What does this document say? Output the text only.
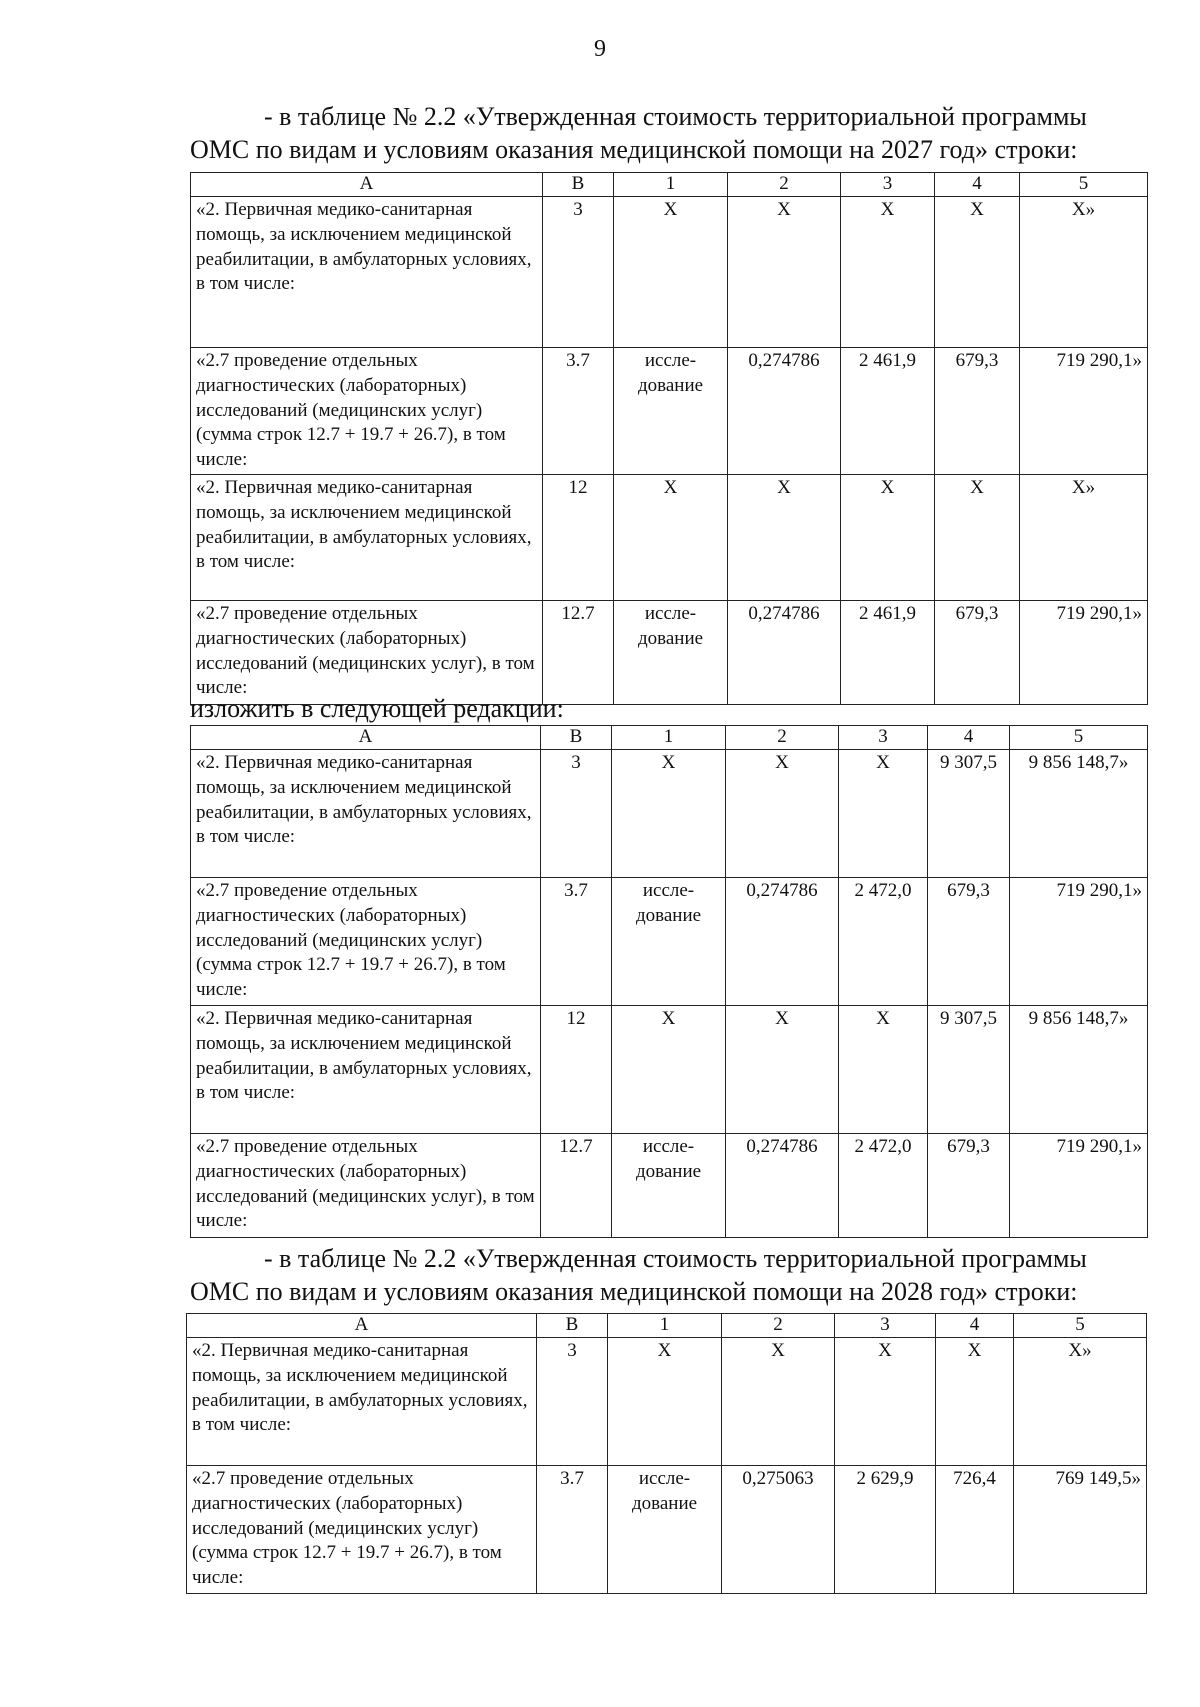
9
- в таблице № 2.2 «Утвержденная стоимость территориальной программы
ОМС по видам и условиям оказания медицинской помощи на 2027 год» строки:
А	В	1	2	3	4	5
«2. Первичная медико-санитарная помощь, за исключением медицинской реабилитации, в амбулаторных условиях, в том числе:	3	Х	Х	Х	Х	Х»
«2.7 проведение отдельных диагностических (лабораторных) исследований (медицинских услуг) (сумма строк 12.7 + 19.7 + 26.7), в том числе:	3.7	иссле-
дование	0,274786	2 461,9	679,3	719 290,1»
«2. Первичная медико-санитарная помощь, за исключением медицинской реабилитации, в амбулаторных условиях, в том числе:	12	Х	Х	Х	Х	Х»
«2.7 проведение отдельных диагностических (лабораторных) исследований (медицинских услуг), в том числе:	12.7	иссле-
дование	0,274786	2 461,9	679,3	719 290,1»
изложить в следующей редакции:
А	В	1	2	3	4	5
«2. Первичная медико-санитарная помощь, за исключением медицинской реабилитации, в амбулаторных условиях, в том числе:	3	Х	Х	Х	9 307,5	9 856 148,7»
«2.7 проведение отдельных диагностических (лабораторных) исследований (медицинских услуг) (сумма строк 12.7 + 19.7 + 26.7), в том числе:	3.7	иссле-
дование	0,274786	2 472,0	679,3	719 290,1»
«2. Первичная медико-санитарная помощь, за исключением медицинской реабилитации, в амбулаторных условиях, в том числе:	12	Х	Х	Х	9 307,5	9 856 148,7»
«2.7 проведение отдельных диагностических (лабораторных) исследований (медицинских услуг), в том числе:	12.7	иссле-
дование	0,274786	2 472,0	679,3	719 290,1»
- в таблице № 2.2 «Утвержденная стоимость территориальной программы
ОМС по видам и условиям оказания медицинской помощи на 2028 год» строки:
А	В	1	2	3	4	5
«2. Первичная медико-санитарная помощь, за исключением медицинской реабилитации, в амбулаторных условиях, в том числе:	3	Х	Х	Х	Х	Х»
«2.7 проведение отдельных диагностических (лабораторных) исследований (медицинских услуг) (сумма строк 12.7 + 19.7 + 26.7), в том числе:	3.7	иссле-
дование	0,275063	2 629,9	726,4	769 149,5»
